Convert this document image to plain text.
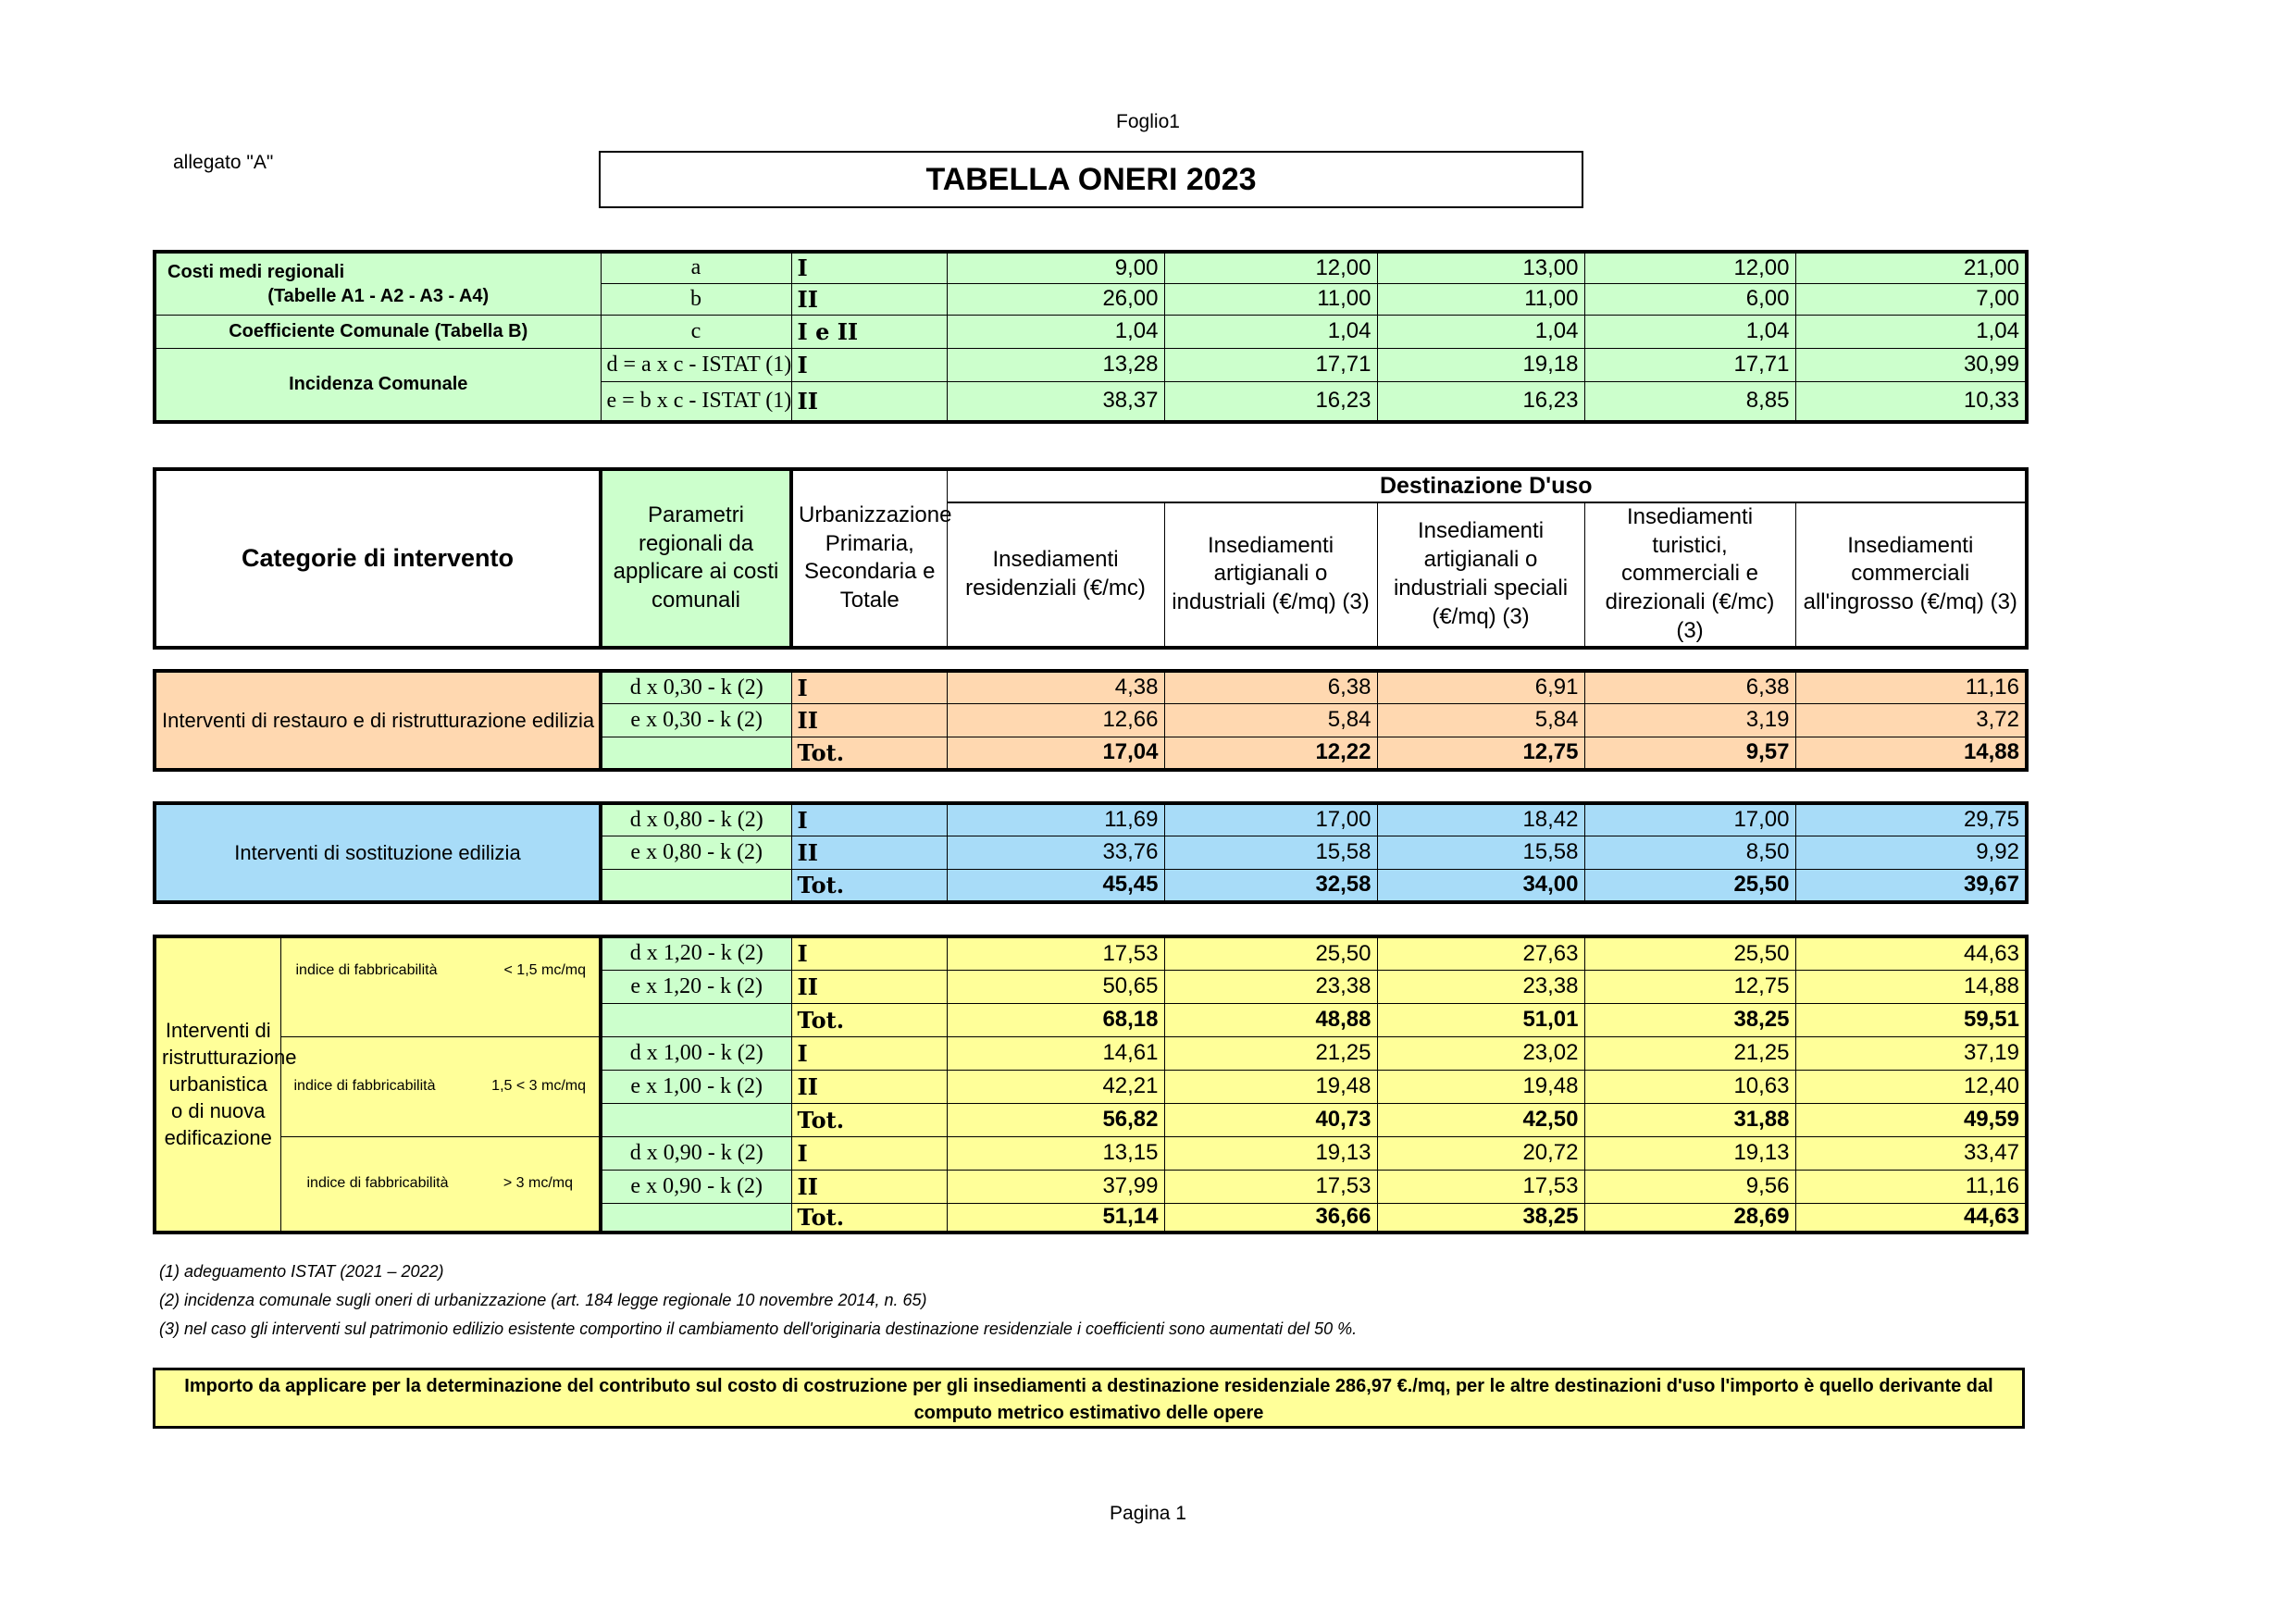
Foglio1
allegato "A"	TABELLA ONERI 2023
Costi medi regionali
(Tabelle A1 - A2 - A3 - A4)	a	I	9,00	12,00	13,00	12,00	21,00
	b	II	26,00	11,00	11,00	6,00	7,00
Coefficiente Comunale (Tabella B)	c	I e II	1,04	1,04	1,04	1,04	1,04
Incidenza Comunale	d = a x c - ISTAT (1)	I	13,28	17,71	19,18	17,71	30,99
	e = b x c - ISTAT (1)	II	38,37	16,23	16,23	8,85	10,33
Categorie di intervento	Parametri regionali da applicare ai costi comunali	Urbanizzazione Primaria, Secondaria e Totale	Destinazione D'uso				
			Insediamenti residenziali (€/mc)	Insediamenti artigianali o industriali (€/mq) (3)	Insediamenti artigianali o industriali speciali (€/mq) (3)	Insediamenti turistici, commerciali e direzionali (€/mc) (3)	Insediamenti commerciali all'ingrosso (€/mq) (3)
Interventi di restauro e di ristrutturazione edilizia	d x 0,30 - k (2)	I	4,38	6,38	6,91	6,38	11,16
	e x 0,30 - k (2)	II	12,66	5,84	5,84	3,19	3,72
		Tot.	17,04	12,22	12,75	9,57	14,88
Interventi di sostituzione edilizia	d x 0,80 - k (2)	I	11,69	17,00	18,42	17,00	29,75
	e x 0,80 - k (2)	II	33,76	15,58	15,58	8,50	9,92
		Tot.	45,45	32,58	34,00	25,50	39,67
Interventi di ristrutturazione urbanistica o di nuova edificazione	indice di fabbricabilità < 1,5 mc/mq	d x 1,20 - k (2)	I	17,53	25,50	27,63	25,50	44,63
		e x 1,20 - k (2)	II	50,65	23,38	23,38	12,75	14,88
			Tot.	68,18	48,88	51,01	38,25	59,51
	indice di fabbricabilità 1,5 < 3 mc/mq	d x 1,00 - k (2)	I	14,61	21,25	23,02	21,25	37,19
		e x 1,00 - k (2)	II	42,21	19,48	19,48	10,63	12,40
			Tot.	56,82	40,73	42,50	31,88	49,59
	indice di fabbricabilità > 3 mc/mq	d x 0,90 - k (2)	I	13,15	19,13	20,72	19,13	33,47
		e x 0,90 - k (2)	II	37,99	17,53	17,53	9,56	11,16
			Tot.	51,14	36,66	38,25	28,69	44,63
(1) adeguamento ISTAT (2021 – 2022)
(2) incidenza comunale sugli oneri di urbanizzazione (art. 184 legge regionale 10 novembre 2014, n. 65)
(3) nel caso gli interventi sul patrimonio edilizio esistente comportino il cambiamento dell'originaria destinazione residenziale i coefficienti sono aumentati del 50 %.
Importo da applicare per la determinazione del contributo sul costo di costruzione per gli insediamenti a destinazione residenziale 286,97 €./mq, per le altre destinazioni d'uso l'importo è quello derivante dal computo metrico estimativo delle opere
Pagina 1
